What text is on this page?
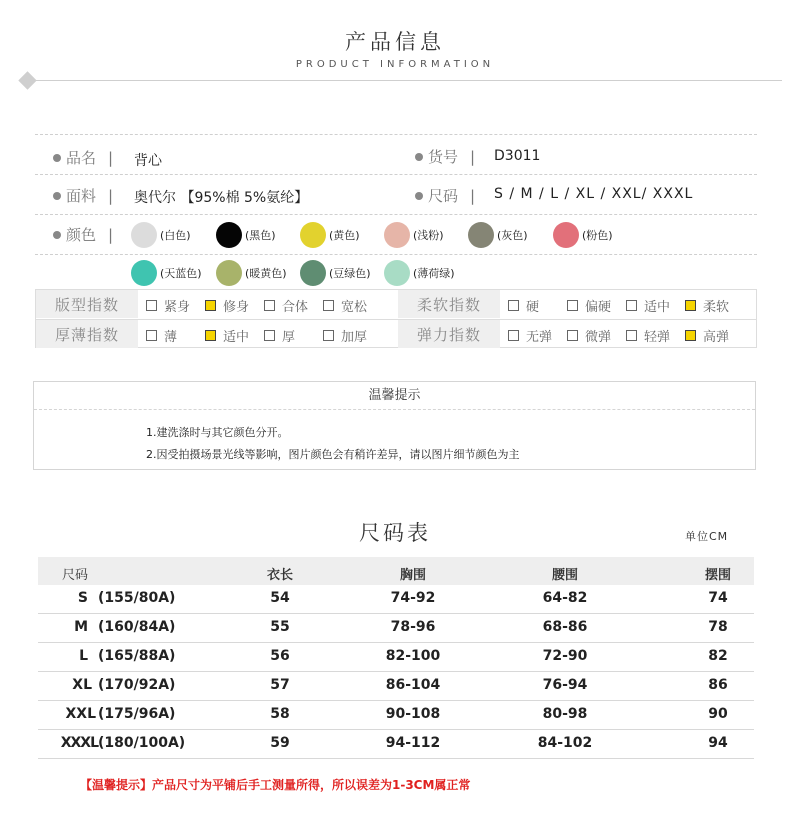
产品信息
PRODUCT INFORMATION
品名 | 背心	货号 | D3011
面料 | 奥代尔 【95%棉 5%氨纶】	尺码 | S / M / L / XL / XXL/ XXXL
颜色 |	(白色)	(黑色)	(黄色)	(浅粉)	(灰色)	(粉色)
(天蓝色)	(暖黄色)	(豆绿色)	(薄荷绿)
版型指数	紧身	修身	合体	宽松	柔软指数	硬	偏硬	适中	柔软
厚薄指数	薄	适中	厚	加厚	弹力指数	无弹	微弹	轻弹	高弹
温馨提示
1.建洗涤时与其它颜色分开。
2.因受拍摄场景光线等影响，图片颜色会有稍许差异，请以图片细节颜色为主
尺码表	单位CM
尺码	衣长	胸围	腰围	摆围
S (155/80A)	54	74-92	64-82	74
M (160/84A)	55	78-96	68-86	78
L (165/88A)	56	82-100	72-90	82
XL (170/92A)	57	86-104	76-94	86
XXL (175/96A)	58	90-108	80-98	90
XXXL (180/100A)	59	94-112	84-102	94
【温馨提示】产品尺寸为平铺后手工测量所得，所以误差为1-3CM属正常
